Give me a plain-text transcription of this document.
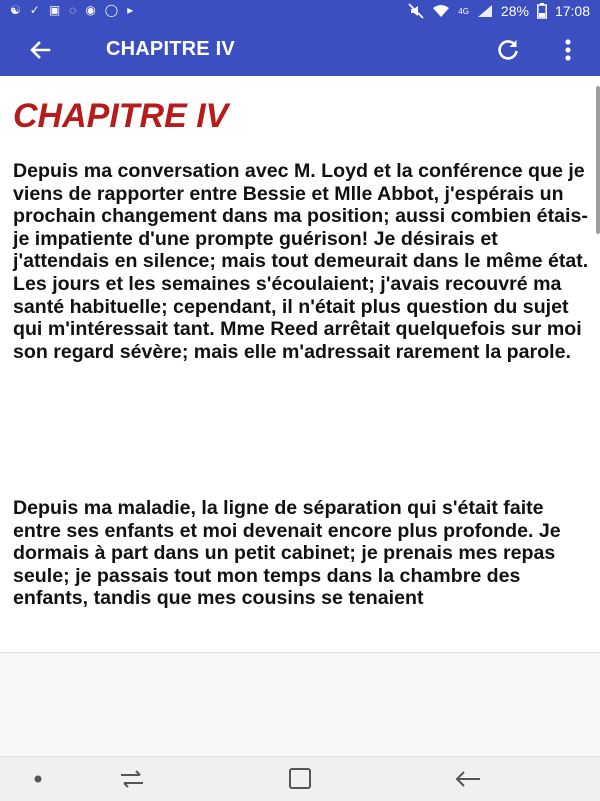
☯ ✓ ▣ ◌ ◉ ◯ ▸	4G 28% 17:08
CHAPITRE IV
CHAPITRE IV

Depuis ma conversation avec M. Loyd et la conférence que je viens de rapporter entre Bessie et Mlle Abbot, j'espérais un prochain changement dans ma position; aussi combien étais-je impatiente d'une prompte guérison! Je désirais et j'attendais en silence; mais tout demeurait dans le même état. Les jours et les semaines s'écoulaient; j'avais recouvré ma santé habituelle; cependant, il n'était plus question du sujet qui m'intéressait tant. Mme Reed arrêtait quelquefois sur moi son regard sévère; mais elle m'adressait rarement la parole.

Depuis ma maladie, la ligne de séparation qui s'était faite entre ses enfants et moi devenait encore plus profonde. Je dormais à part dans un petit cabinet; je prenais mes repas seule; je passais tout mon temps dans la chambre des enfants, tandis que mes cousins se tenaient
